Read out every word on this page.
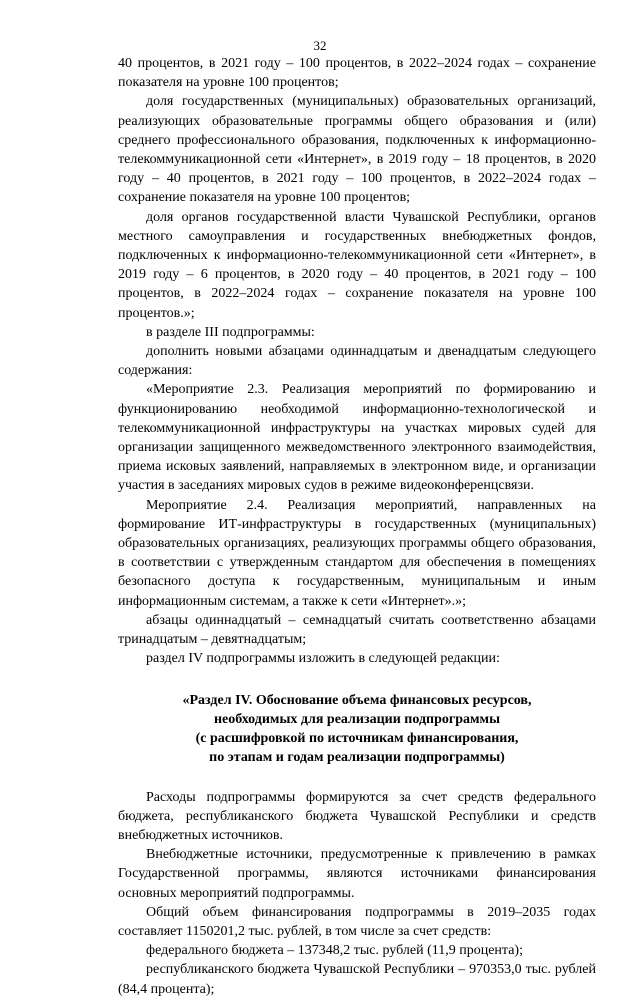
32

40 процентов, в 2021 году – 100 процентов, в 2022–2024 годах – сохранение показателя на уровне 100 процентов;

доля государственных (муниципальных) образовательных организаций, реализующих образовательные программы общего образования и (или) среднего профессионального образования, подключенных к информационно-телекоммуникационной сети «Интернет», в 2019 году – 18 процентов, в 2020 году – 40 процентов, в 2021 году – 100 процентов, в 2022–2024 годах – сохранение показателя на уровне 100 процентов;

доля органов государственной власти Чувашской Республики, органов местного самоуправления и государственных внебюджетных фондов, подключенных к информационно-телекоммуникационной сети «Интернет», в 2019 году – 6 процентов, в 2020 году – 40 процентов, в 2021 году – 100 процентов, в 2022–2024 годах – сохранение показателя на уровне 100 процентов.»;

в разделе III подпрограммы:

дополнить новыми абзацами одиннадцатым и двенадцатым следующего содержания:

«Мероприятие 2.3. Реализация мероприятий по формированию и функционированию необходимой информационно-технологической и телекоммуникационной инфраструктуры на участках мировых судей для организации защищенного межведомственного электронного взаимодействия, приема исковых заявлений, направляемых в электронном виде, и организации участия в заседаниях мировых судов в режиме видеоконференцсвязи.

Мероприятие 2.4. Реализация мероприятий, направленных на формирование ИТ-инфраструктуры в государственных (муниципальных) образовательных организациях, реализующих программы общего образования, в соответствии с утвержденным стандартом для обеспечения в помещениях безопасного доступа к государственным, муниципальным и иным информационным системам, а также к сети «Интернет».»;

абзацы одиннадцатый – семнадцатый считать соответственно абзацами тринадцатым – девятнадцатым;

раздел IV подпрограммы изложить в следующей редакции:

«Раздел IV. Обоснование объема финансовых ресурсов,
необходимых для реализации подпрограммы
(с расшифровкой по источникам финансирования,
по этапам и годам реализации подпрограммы)

Расходы подпрограммы формируются за счет средств федерального бюджета, республиканского бюджета Чувашской Республики и средств внебюджетных источников.

Внебюджетные источники, предусмотренные к привлечению в рамках Государственной программы, являются источниками финансирования основных мероприятий подпрограммы.

Общий объем финансирования подпрограммы в 2019–2035 годах составляет 1150201,2 тыс. рублей, в том числе за счет средств:

федерального бюджета – 137348,2 тыс. рублей (11,9 процента);

республиканского бюджета Чувашской Республики – 970353,0 тыс. рублей (84,4 процента);
